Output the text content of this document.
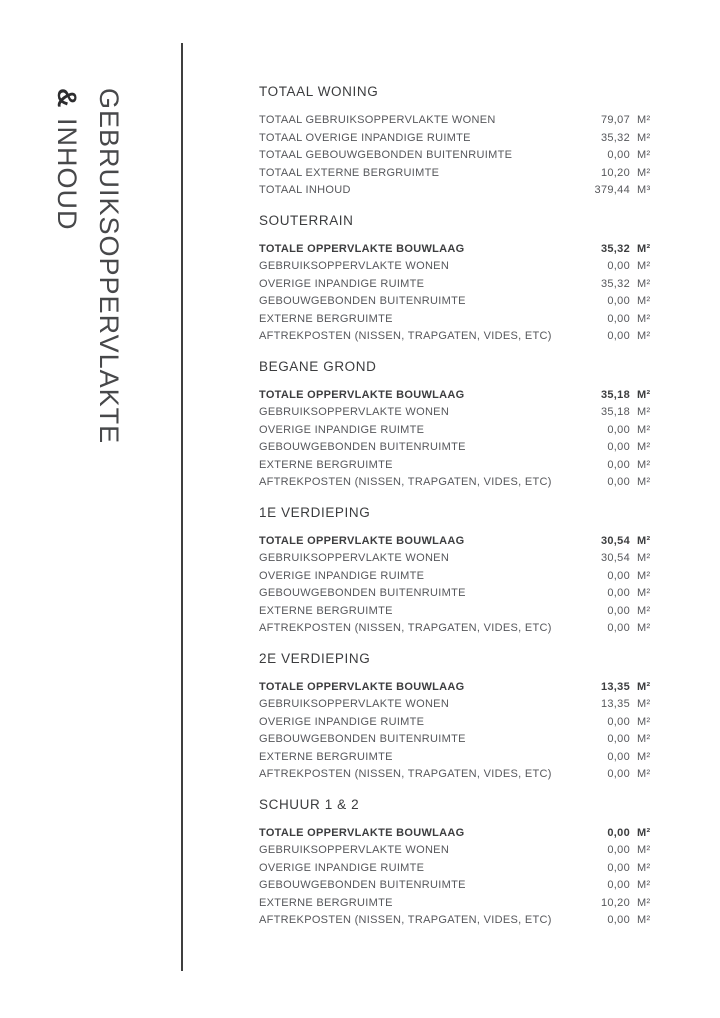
GEBRUIKSOPPERVLAKTE
&INHOUD
TOTAAL WONING
TOTAAL GEBRUIKSOPPERVLAKTE WONEN	79,07 M²
TOTAAL OVERIGE INPANDIGE RUIMTE	35,32 M²
TOTAAL GEBOUWGEBONDEN BUITENRUIMTE	0,00 M²
TOTAAL EXTERNE BERGRUIMTE	10,20 M²
TOTAAL INHOUD	379,44 M³
SOUTERRAIN
TOTALE OPPERVLAKTE BOUWLAAG	35,32 M²
GEBRUIKSOPPERVLAKTE WONEN	0,00 M²
OVERIGE INPANDIGE RUIMTE	35,32 M²
GEBOUWGEBONDEN BUITENRUIMTE	0,00 M²
EXTERNE BERGRUIMTE	0,00 M²
AFTREKPOSTEN (NISSEN, TRAPGATEN, VIDES, ETC)	0,00 M²
BEGANE GROND
TOTALE OPPERVLAKTE BOUWLAAG	35,18 M²
GEBRUIKSOPPERVLAKTE WONEN	35,18 M²
OVERIGE INPANDIGE RUIMTE	0,00 M²
GEBOUWGEBONDEN BUITENRUIMTE	0,00 M²
EXTERNE BERGRUIMTE	0,00 M²
AFTREKPOSTEN (NISSEN, TRAPGATEN, VIDES, ETC)	0,00 M²
1E VERDIEPING
TOTALE OPPERVLAKTE BOUWLAAG	30,54 M²
GEBRUIKSOPPERVLAKTE WONEN	30,54 M²
OVERIGE INPANDIGE RUIMTE	0,00 M²
GEBOUWGEBONDEN BUITENRUIMTE	0,00 M²
EXTERNE BERGRUIMTE	0,00 M²
AFTREKPOSTEN (NISSEN, TRAPGATEN, VIDES, ETC)	0,00 M²
2E VERDIEPING
TOTALE OPPERVLAKTE BOUWLAAG	13,35 M²
GEBRUIKSOPPERVLAKTE WONEN	13,35 M²
OVERIGE INPANDIGE RUIMTE	0,00 M²
GEBOUWGEBONDEN BUITENRUIMTE	0,00 M²
EXTERNE BERGRUIMTE	0,00 M²
AFTREKPOSTEN (NISSEN, TRAPGATEN, VIDES, ETC)	0,00 M²
SCHUUR 1 & 2
TOTALE OPPERVLAKTE BOUWLAAG	0,00 M²
GEBRUIKSOPPERVLAKTE WONEN	0,00 M²
OVERIGE INPANDIGE RUIMTE	0,00 M²
GEBOUWGEBONDEN BUITENRUIMTE	0,00 M²
EXTERNE BERGRUIMTE	10,20 M²
AFTREKPOSTEN (NISSEN, TRAPGATEN, VIDES, ETC)	0,00 M²
